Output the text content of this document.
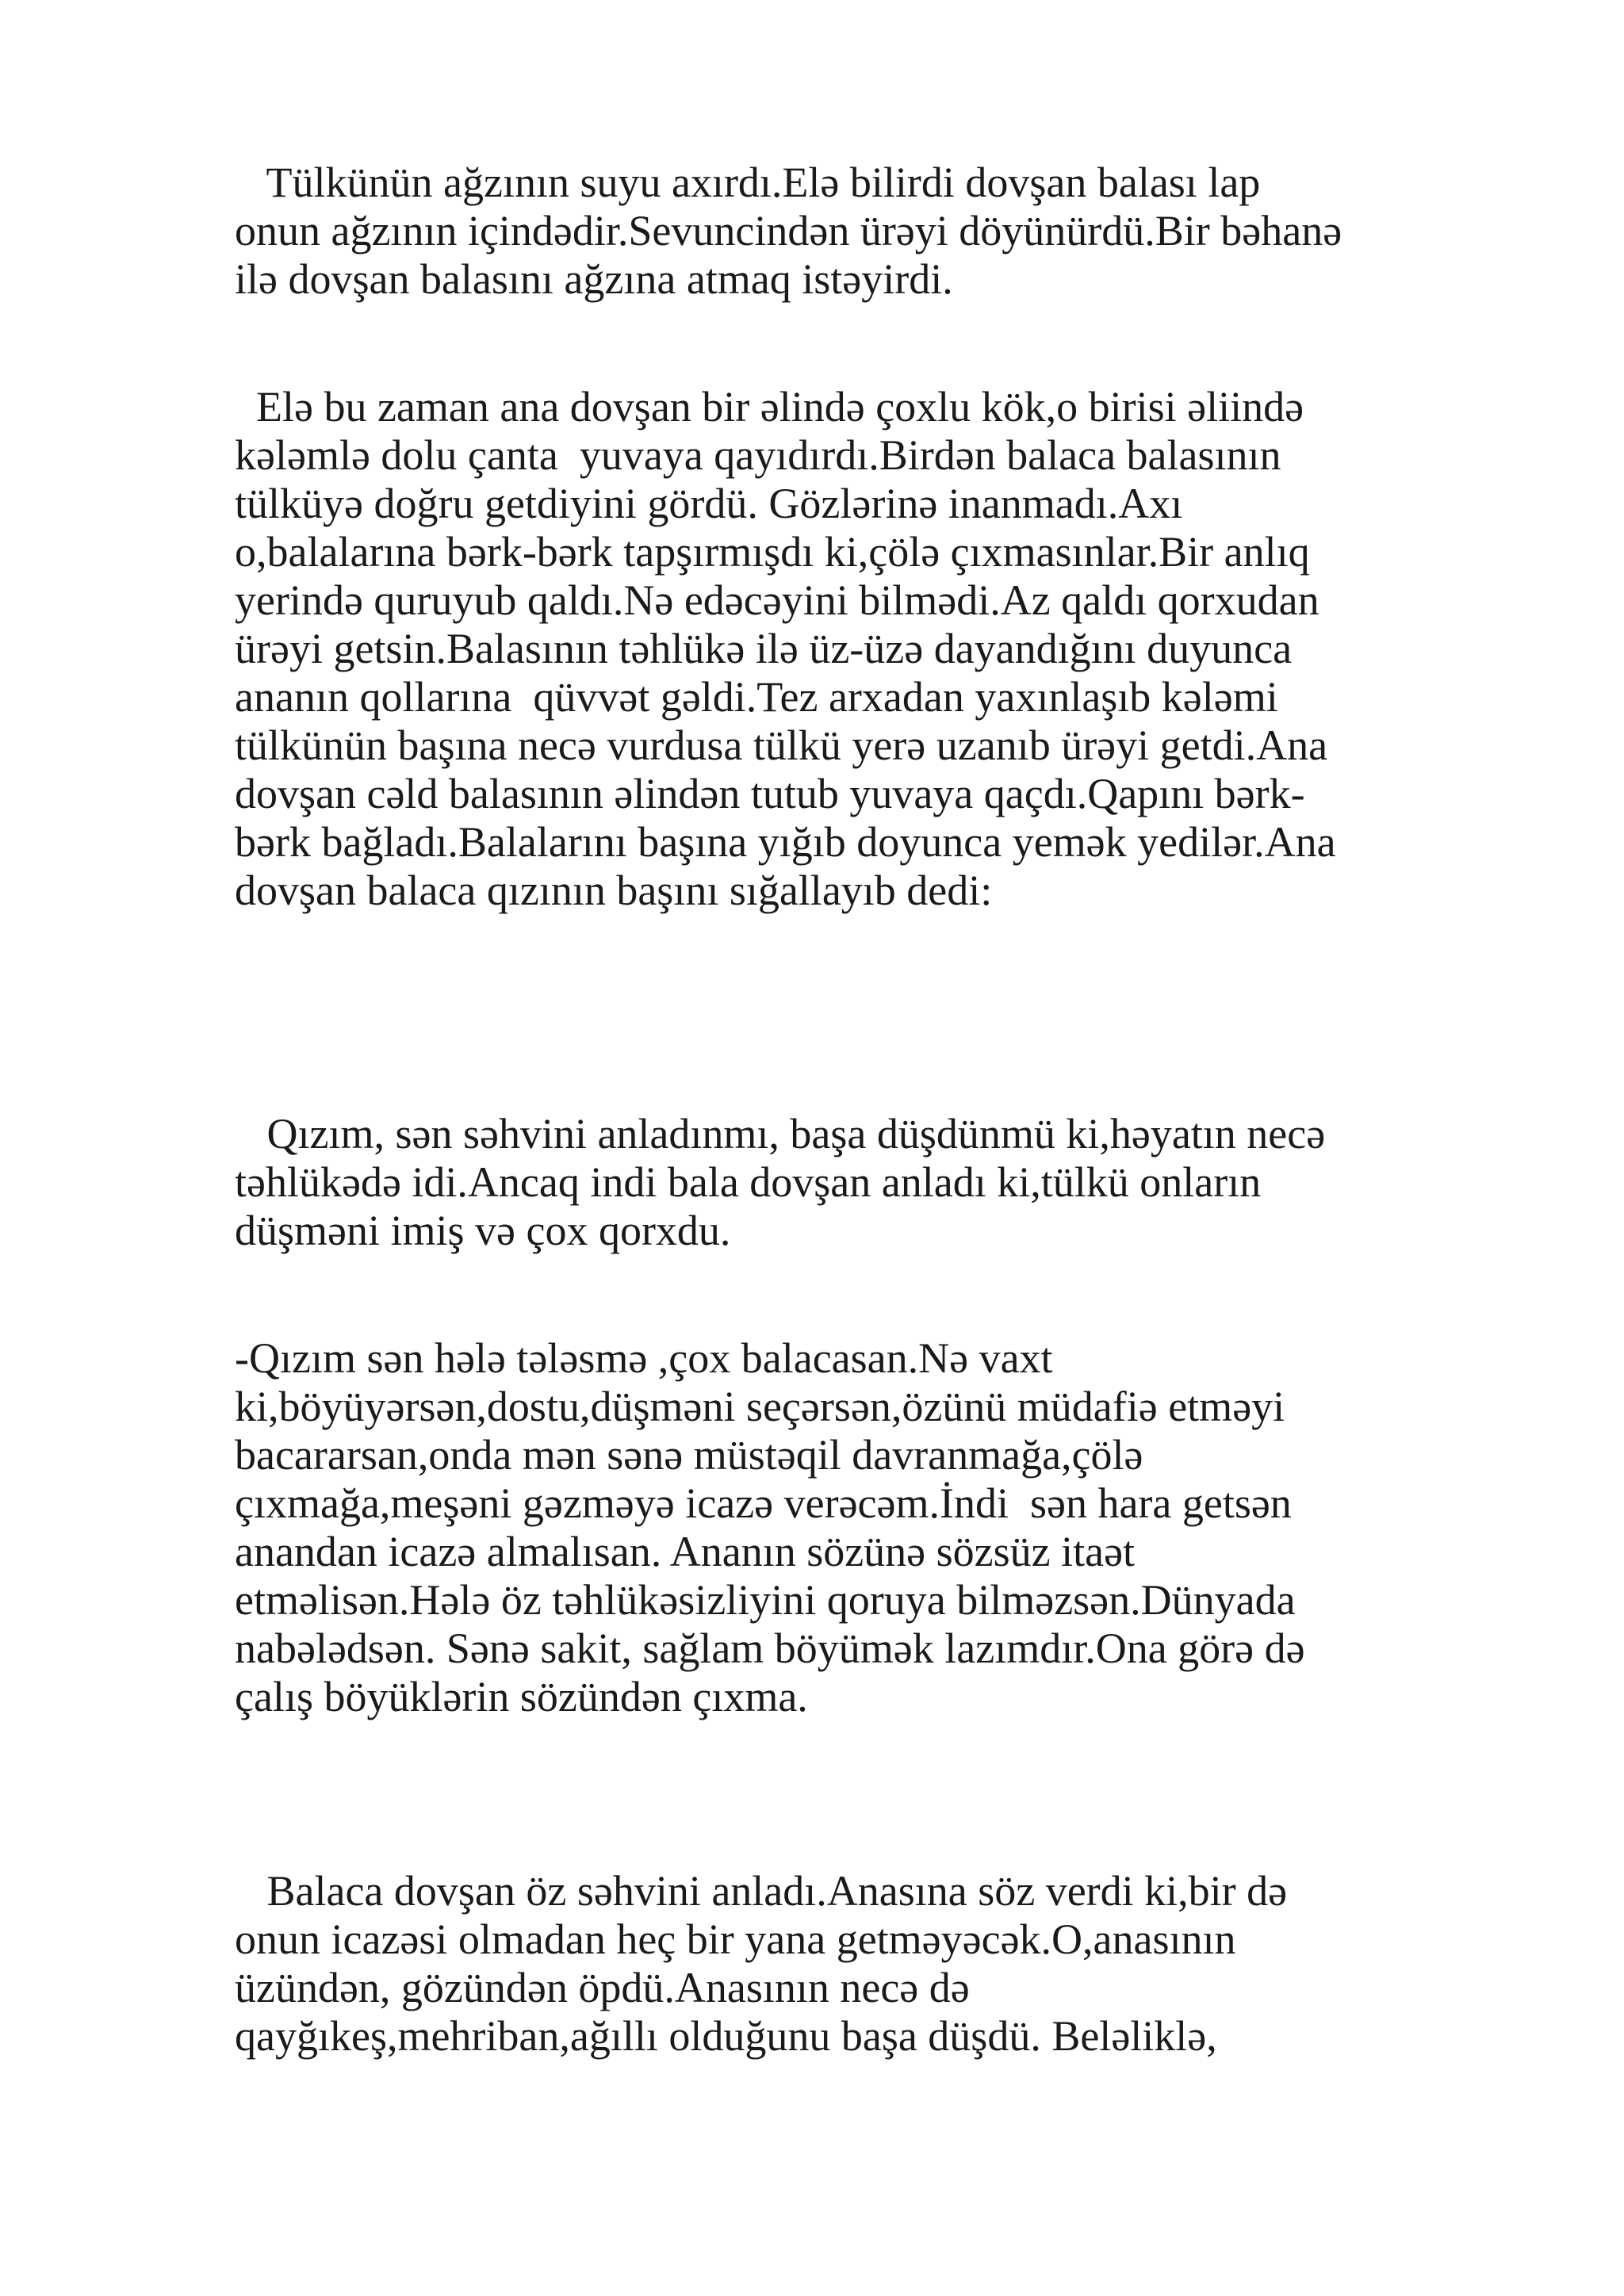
Tülkünün ağzının suyu axırdı.Elə bilirdi dovşan balası lap
onun ağzının içindədir.Sevuncindən ürəyi döyünürdü.Bir bəhanə
ilə dovşan balasını ağzına atmaq istəyirdi.

Elə bu zaman ana dovşan bir əlində çoxlu kök,o birisi əliində
kələmlə dolu çanta  yuvaya qayıdırdı.Birdən balaca balasının
tülküyə doğru getdiyini gördü. Gözlərinə inanmadı.Axı
o,balalarına bərk-bərk tapşırmışdı ki,çölə çıxmasınlar.Bir anlıq
yerində quruyub qaldı.Nə edəcəyini bilmədi.Az qaldı qorxudan
ürəyi getsin.Balasının təhlükə ilə üz-üzə dayandığını duyunca
ananın qollarına  qüvvət gəldi.Tez arxadan yaxınlaşıb kələmi
tülkünün başına necə vurdusa tülkü yerə uzanıb ürəyi getdi.Ana
dovşan cəld balasının əlindən tutub yuvaya qaçdı.Qapını bərk-
bərk bağladı.Balalarını başına yığıb doyunca yemək yedilər.Ana
dovşan balaca qızının başını sığallayıb dedi:

Qızım, sən səhvini anladınmı, başa düşdünmü ki,həyatın necə
təhlükədə idi.Ancaq indi bala dovşan anladı ki,tülkü onların
düşməni imiş və çox qorxdu.

-Qızım sən hələ tələsmə ,çox balacasan.Nə vaxt
ki,böyüyərsən,dostu,düşməni seçərsən,özünü müdafiə etməyi
bacararsan,onda mən sənə müstəqil davranmağa,çölə
çıxmağa,meşəni gəzməyə icazə verəcəm.İndi  sən hara getsən
anandan icazə almalısan. Ananın sözünə sözsüz itaət
etməlisən.Hələ öz təhlükəsizliyini qoruya bilməzsən.Dünyada
nabələdsən. Sənə sakit, sağlam böyümək lazımdır.Ona görə də
çalış böyüklərin sözündən çıxma.

Balaca dovşan öz səhvini anladı.Anasına söz verdi ki,bir də
onun icazəsi olmadan heç bir yana getməyəcək.O,anasının
üzündən, gözündən öpdü.Anasının necə də
qayğıkeş,mehriban,ağıllı olduğunu başa düşdü. Beləliklə,
